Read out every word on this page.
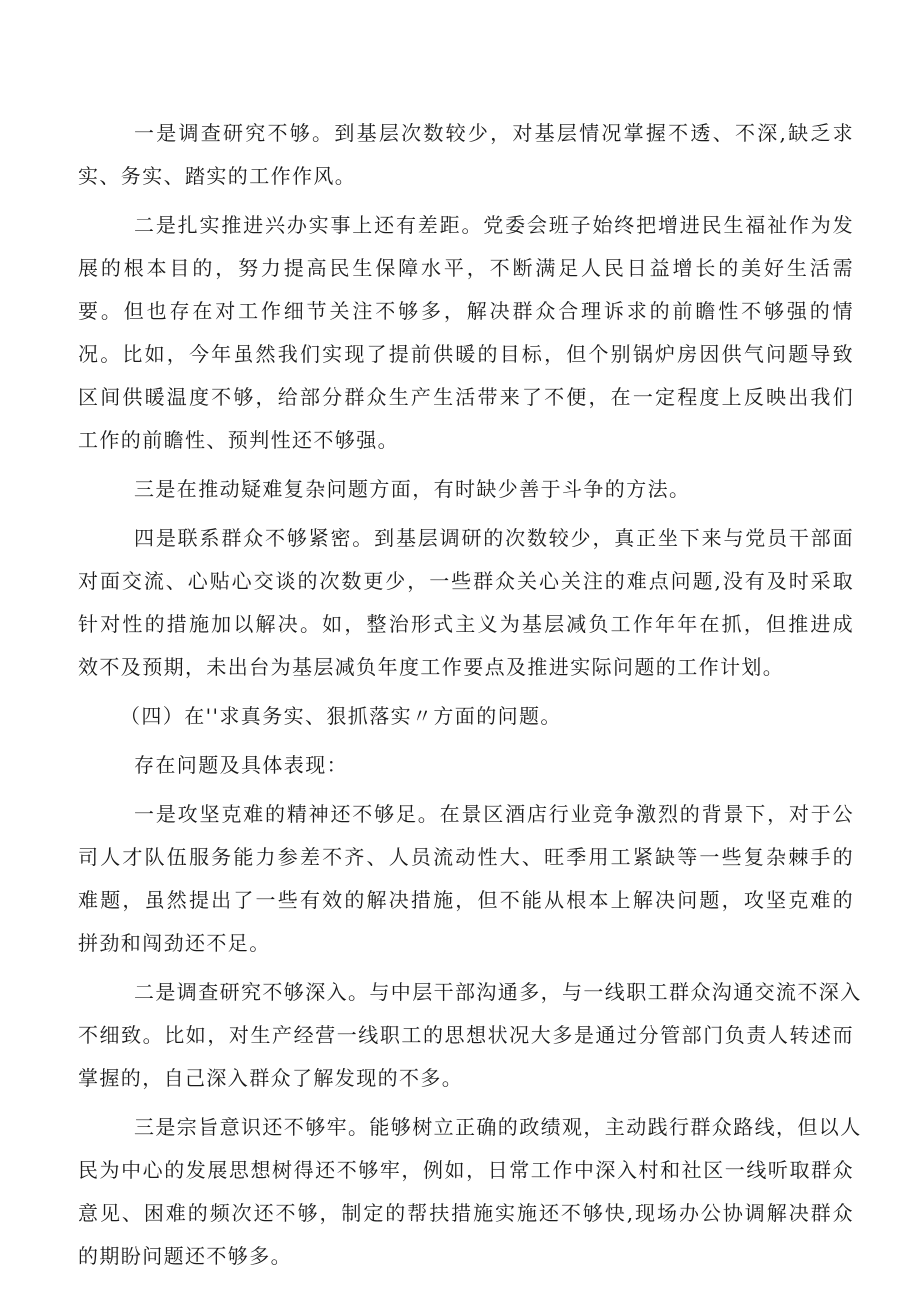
一是调查研究不够。到基层次数较少，对基层情况掌握不透、不深,缺乏求
实、务实、踏实的工作作风。
二是扎实推进兴办实事上还有差距。党委会班子始终把增进民生福祉作为发
展的根本目的，努力提高民生保障水平，不断满足人民日益增长的美好生活需
要。但也存在对工作细节关注不够多，解决群众合理诉求的前瞻性不够强的情
况。比如，今年虽然我们实现了提前供暖的目标，但个别锅炉房因供气问题导致
区间供暖温度不够，给部分群众生产生活带来了不便，在一定程度上反映出我们
工作的前瞻性、预判性还不够强。
三是在推动疑难复杂问题方面，有时缺少善于斗争的方法。
四是联系群众不够紧密。到基层调研的次数较少，真正坐下来与党员干部面
对面交流、心贴心交谈的次数更少，一些群众关心关注的难点问题,没有及时采取
针对性的措施加以解决。如，整治形式主义为基层减负工作年年在抓，但推进成
效不及预期，未出台为基层减负年度工作要点及推进实际问题的工作计划。
（四）在''求真务实、狠抓落实〃方面的问题。
存在问题及具体表现：
一是攻坚克难的精神还不够足。在景区酒店行业竞争激烈的背景下，对于公
司人才队伍服务能力参差不齐、人员流动性大、旺季用工紧缺等一些复杂棘手的
难题，虽然提出了一些有效的解决措施，但不能从根本上解决问题，攻坚克难的
拼劲和闯劲还不足。
二是调查研究不够深入。与中层干部沟通多，与一线职工群众沟通交流不深入
不细致。比如，对生产经营一线职工的思想状况大多是通过分管部门负责人转述而
掌握的，自己深入群众了解发现的不多。
三是宗旨意识还不够牢。能够树立正确的政绩观，主动践行群众路线，但以人
民为中心的发展思想树得还不够牢，例如，日常工作中深入村和社区一线听取群众
意见、困难的频次还不够，制定的帮扶措施实施还不够快,现场办公协调解决群众
的期盼问题还不够多。
